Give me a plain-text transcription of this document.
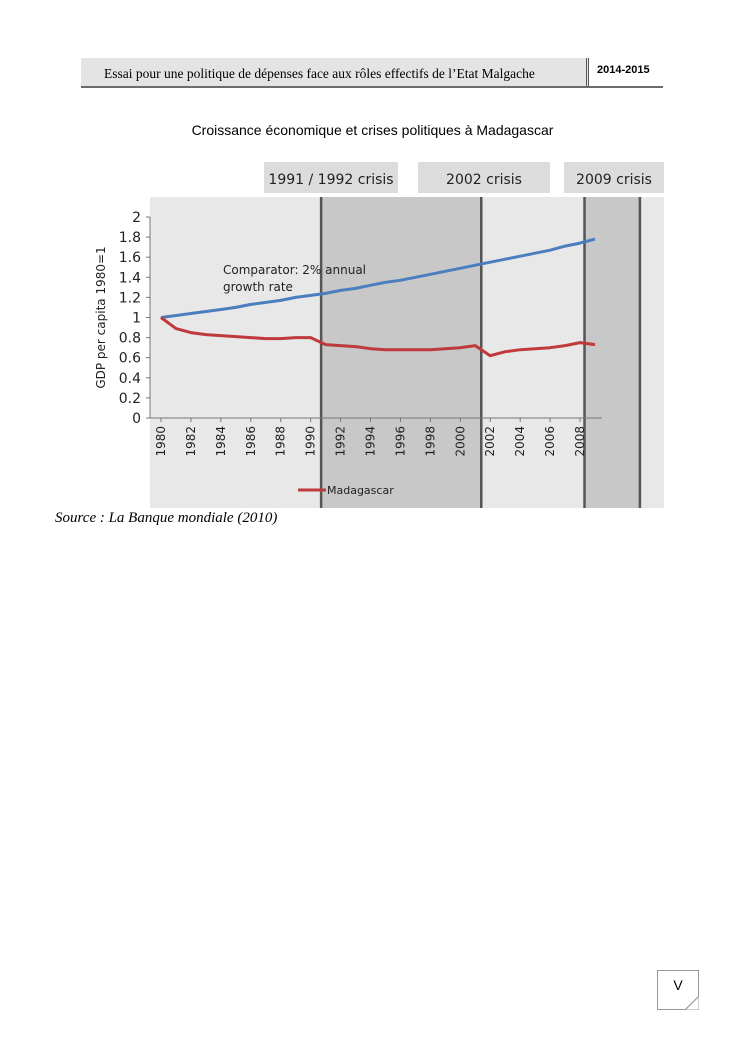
Essai pour une politique de dépenses face aux rôles effectifs de l’Etat Malgache	2014-2015
Croissance économique et crises politiques à Madagascar
1991 / 1992 crisis	2002 crisis	2009 crisis
0
0.2
0.4
0.6
0.8
1
1.2
1.4
1.6
1.8
2
GDP per capita 1980=1
1980 1982 1984 1986 1988 1990 1992 1994 1996 1998 2000 2002 2004 2006 2008
Comparator: 2% annual
growth rate
Madagascar
Source : La Banque mondiale (2010)
V
